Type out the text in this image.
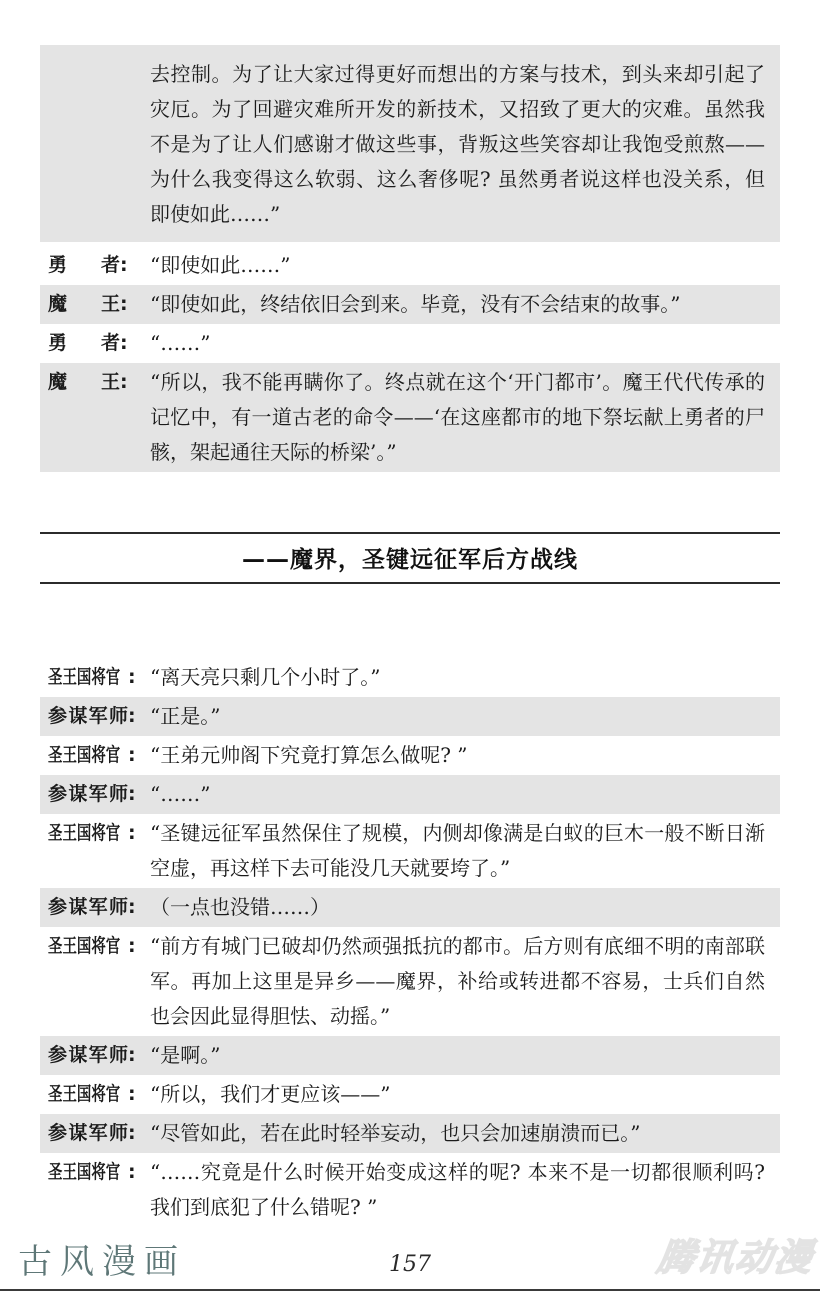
去控制。为了让大家过得更好而想出的方案与技术，到头来却引起了灾厄。为了回避灾难所开发的新技术，又招致了更大的灾难。虽然我不是为了让人们感谢才做这些事，背叛这些笑容却让我饱受煎熬——为什么我变得这么软弱、这么奢侈呢? 虽然勇者说这样也没关系，但即使如此……”
勇者:	“即使如此……”
魔王:	“即使如此，终结依旧会到来。毕竟，没有不会结束的故事。”
勇者:	“……”
魔王:	“所以，我不能再瞒你了。终点就在这个‘开门都市’。魔王代代传承的记忆中，有一道古老的命令——‘在这座都市的地下祭坛献上勇者的尸骸，架起通往天际的桥梁’。”
——魔界，圣键远征军后方战线
圣王国将官 : “离天亮只剩几个小时了。”
参谋军师: “正是。”
圣王国将官 : “王弟元帅阁下究竟打算怎么做呢? ”
参谋军师: “……”
圣王国将官 : “圣键远征军虽然保住了规模，内侧却像满是白蚁的巨木一般不断日渐空虚，再这样下去可能没几天就要垮了。”
参谋军师: （一点也没错……）
圣王国将官 : “前方有城门已破却仍然顽强抵抗的都市。后方则有底细不明的南部联军。再加上这里是异乡——魔界，补给或转进都不容易，士兵们自然也会因此显得胆怯、动摇。”
参谋军师: “是啊。”
圣王国将官 : “所以，我们才更应该——”
参谋军师: “尽管如此，若在此时轻举妄动，也只会加速崩溃而已。”
圣王国将官 : “……究竟是什么时候开始变成这样的呢? 本来不是一切都很顺利吗? 我们到底犯了什么错呢? ”
古风漫画	157	腾讯动漫
